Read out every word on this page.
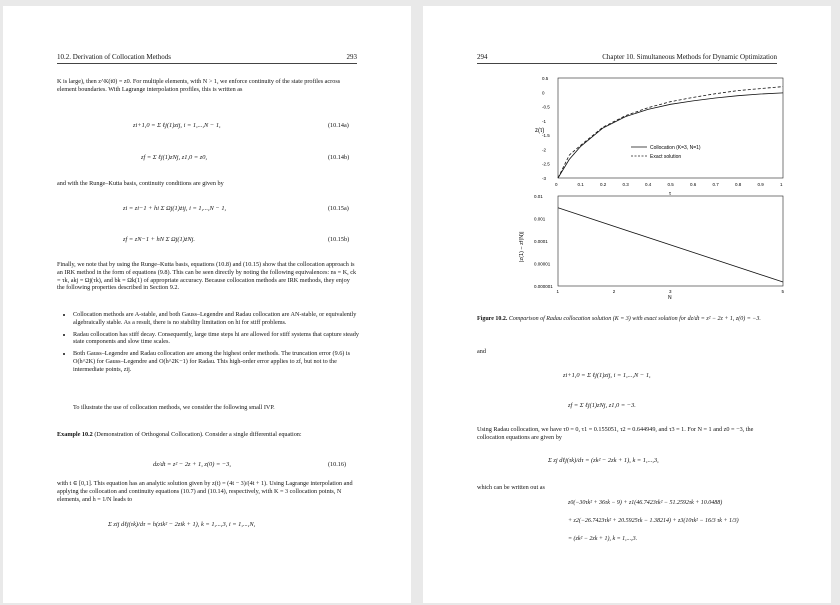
10.2. Derivation of Collocation Methods	293
K is large), then z^K(t0) = z0. For multiple elements, with N > 1, we enforce continuity of the state profiles across element boundaries. With Lagrange interpolation profiles, this is written as
zi+1,0 = Σ ℓj(1)zij, i = 1,...,N − 1,	(10.14a)
zf = Σ ℓj(1)zNj, z1,0 = z0,	(10.14b)
and with the Runge–Kutta basis, continuity conditions are given by
zi = zi−1 + hi Σ Ωj(1)żij, i = 1,...,N − 1,	(10.15a)
zf = zN−1 + hN Σ Ωj(1)żNj.	(10.15b)
Finally, we note that by using the Runge–Kutta basis, equations (10.8) and (10.15) show that the collocation approach is an IRK method in the form of equations (9.8). This can be seen directly by noting the following equivalences: ns = K, ck = τk, akj = Ωj(τk), and bk = Ωk(1) of appropriate accuracy. Because collocation methods are IRK methods, they enjoy the following properties described in Section 9.2.
• Collocation methods are A-stable, and both Gauss–Legendre and Radau collocation are AN-stable, or equivalently algebraically stable. As a result, there is no stability limitation on hi for stiff problems.
• Radau collocation has stiff decay. Consequently, large time steps hi are allowed for stiff systems that capture steady state components and slow time scales.
• Both Gauss–Legendre and Radau collocation are among the highest order methods. The truncation error (9.6) is O(h^2K) for Gauss–Legendre and O(h^2K−1) for Radau. This high-order error applies to zf, but not to the intermediate points, zij.
To illustrate the use of collocation methods, we consider the following small IVP.
Example 10.2 (Demonstration of Orthogonal Collocation). Consider a single differential equation:
dz/dt = z² − 2z + 1, z(0) = −3,	(10.16)
with t ∈ [0,1]. This equation has an analytic solution given by z(t) = (4t − 3)/(4t + 1). Using Lagrange interpolation and applying the collocation and continuity equations (10.7) and (10.14), respectively, with K = 3 collocation points, N elements, and h = 1/N leads to
Σ zij dℓj(τk)/dτ = h(zik² − 2zik + 1), k = 1,...,3, i = 1,...,N,
294	Chapter 10. Simultaneous Methods for Dynamic Optimization
z(τ)
0.5
0
-0.5
-1
-1.5
-2
-2.5
-3
0	0.1	0.2	0.3	0.4	0.5	0.6	0.7	0.8	0.9	1
τ
Collocation (K=3, N=1)
Exact solution
|z(1) − zf(N)|
0.01
0.001
0.0001
0.00001
0.000001
1	2	3	5
N
Figure 10.2. Comparison of Radau collocation solution (K = 3) with exact solution for dz/dt = z² − 2z + 1, z(0) = −3.
and
zi+1,0 = Σ ℓj(1)zij, i = 1,...,N − 1,
zf = Σ ℓj(1)zNj, z1,0 = −3.
Using Radau collocation, we have τ0 = 0, τ1 = 0.155051, τ2 = 0.644949, and τ3 = 1. For N = 1 and z0 = −3, the collocation equations are given by
Σ zj dℓj(τk)/dτ = (zk² − 2zk + 1), k = 1,...,3,
which can be written out as
z0(−30τk² + 36τk − 9) + z1(46.7423τk² − 51.2592τk + 10.0488)
+ z2(−26.7423τk² + 20.5925τk − 1.38214) + z3(10τk² − 16/3 τk + 1/3)
= (zk² − 2zk + 1), k = 1,...,3.
